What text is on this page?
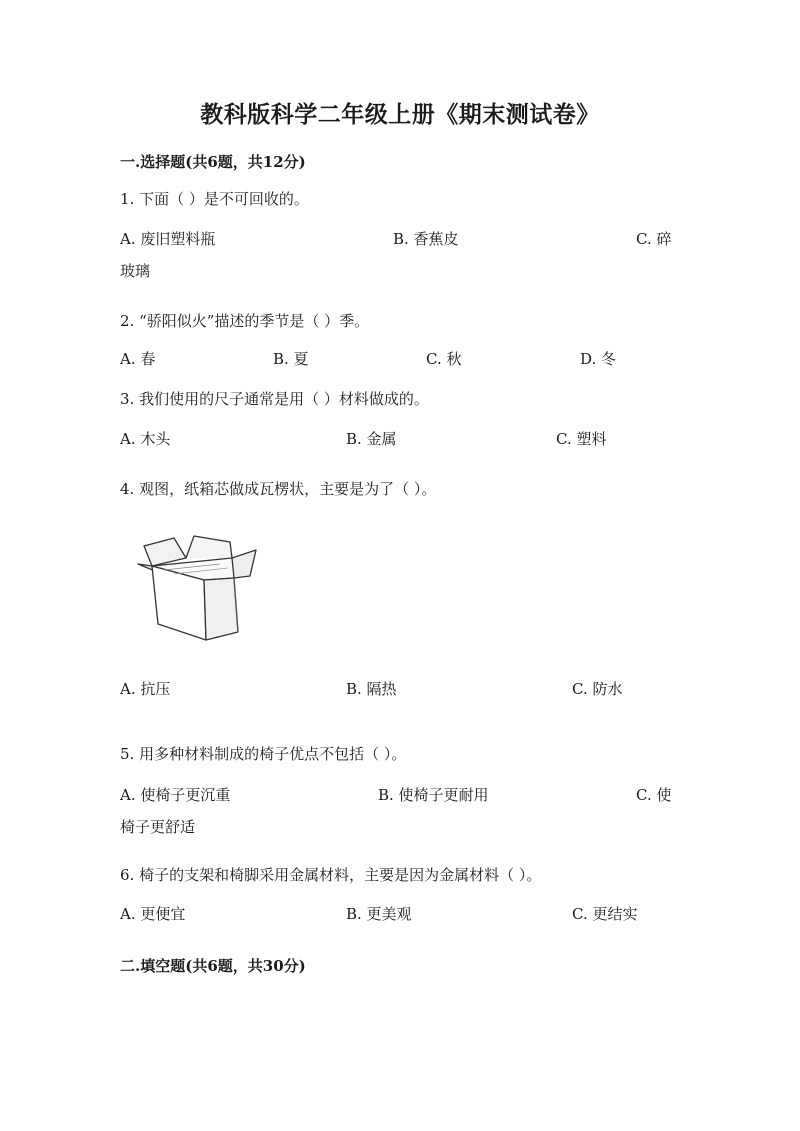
教科版科学二年级上册《期末测试卷》
一.选择题(共6题，共12分)
1. 下面（ ）是不可回收的。
A. 废旧塑料瓶	B. 香蕉皮	C. 碎
玻璃
2. “骄阳似火”描述的季节是（ ）季。
A. 春	B. 夏	C. 秋	D. 冬
3. 我们使用的尺子通常是用（ ）材料做成的。
A. 木头	B. 金属	C. 塑料
4. 观图，纸箱芯做成瓦楞状，主要是为了（ ）。
A. 抗压	B. 隔热	C. 防水
5. 用多种材料制成的椅子优点不包括（ ）。
A. 使椅子更沉重	B. 使椅子更耐用	C. 使
椅子更舒适
6. 椅子的支架和椅脚采用金属材料，主要是因为金属材料（ ）。
A. 更便宜	B. 更美观	C. 更结实
二.填空题(共6题，共30分)
